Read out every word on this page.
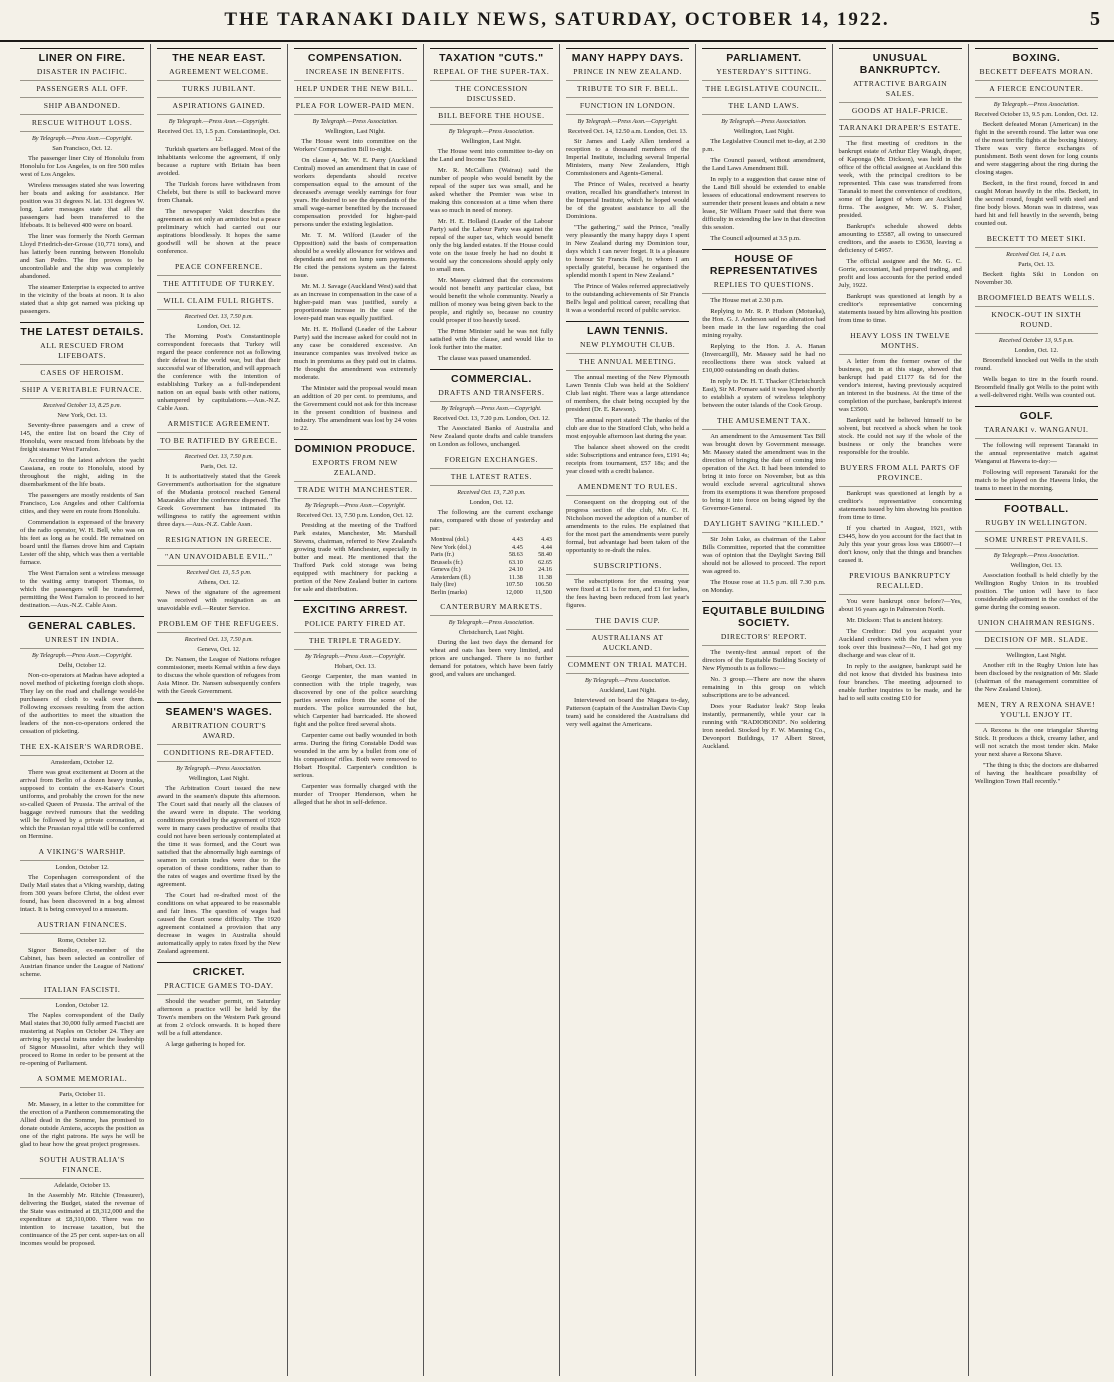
THE TARANAKI DAILY NEWS, SATURDAY, OCTOBER 14, 1922.	5
LINER ON FIRE.
DISASTER IN PACIFIC.
PASSENGERS ALL OFF.
SHIP ABANDONED.
RESCUE WITHOUT LOSS.
By Telegraph.—Press Assn.—Copyright.
San Francisco, Oct. 12.

The passenger liner City of Honolulu from Honolulu for Los Angeles, is on fire 500 miles west of Los Angeles.

Wireless messages stated she was lowering her boats and asking for assistance. Her position was 31 degrees N. lat. 131 degrees W. long. Later messages state that all the passengers had been transferred to the lifeboats. It is believed 400 were on board.

The liner was formerly the North German Lloyd Friedrich-der-Grosse (10,771 tons), and has latterly been running between Honolulu and San Pedro. The fire proves to be uncontrollable and the ship was completely abandoned.

The steamer Enterprise is expected to arrive in the vicinity of the boats at noon. It is also stated that a ship got named was picking up passengers.

THE LATEST DETAILS.
ALL RESCUED FROM LIFEBOATS.
CASES OF HEROISM.
SHIP A VERITABLE FURNACE.
Received October 13, 8.25 p.m.
New York, Oct. 13.

Seventy-three passengers and a crew of 145, the entire list on board the City of Honolulu, were rescued from lifeboats by the freight steamer West Farralon.

According to the latest advices the yacht Cassiana, en route to Honolulu, stood by throughout the night, aiding in the disembarkment of the life boats.

The passengers are mostly residents of San Francisco, Los Angeles and other California cities, and they were en route from Honolulu.

Commendation is expressed of the bravery of the radio operator, W. H. Bell, who was on his feet as long as he could. He remained on board until the flames drove him and Captain Lester off the ship, which was then a veritable furnace.

The West Farralon sent a wireless message to the waiting army transport Thomas, to which the passengers will be transferred, permitting the West Farralon to proceed to her destination.—Aus.-N.Z. Cable Assn.

GENERAL CABLES.
UNREST IN INDIA.
By Telegraph.—Press Assn.—Copyright.
Delhi, October 12.

Non-co-operators at Madras have adopted a novel method of picketing foreign cloth shops. They lay on the road and challenge would-be purchasers of cloth to walk over them. Following excesses resulting from the action of the authorities to meet the situation the leaders of the non-co-operators ordered the cessation of picketing.

THE EX-KAISER'S WARDROBE.
Amsterdam, October 12.

There was great excitement at Doorn at the arrival from Berlin of a dozen heavy trunks, supposed to contain the ex-Kaiser's Court uniforms, and probably the crown for the new so-called Queen of Prussia. The arrival of the baggage revived rumours that the wedding will be followed by a private coronation, at which the Prussian royal title will be conferred on Hermine.

A VIKING'S WARSHIP.
London, October 12.

The Copenhagen correspondent of the Daily Mail states that a Viking warship, dating from 300 years before Christ, the oldest ever found, has been discovered in a bog almost intact. It is being conveyed to a museum.

AUSTRIAN FINANCES.
Rome, October 12.

Signor Benedice, ex-member of the Cabinet, has been selected as controller of Austrian finance under the League of Nations' scheme.

ITALIAN FASCISTI.
London, October 12.

The Naples correspondent of the Daily Mail states that 30,000 fully armed Fascisti are mustering at Naples on October 24. They are arriving by special trains under the leadership of Signor Mussolini, after which they will proceed to Rome in order to be present at the re-opening of Parliament.

A SOMME MEMORIAL.
Paris, October 11.

Mr. Massey, in a letter to the committee for the erection of a Pantheon commemorating the Allied dead in the Somme, has promised to donate outside Amiens, accepts the position as one of the right patrons. He says he will be glad to hear how the great project progresses.

SOUTH AUSTRALIA'S FINANCE.
Adelaide, October 13.

In the Assembly Mr. Ritchie (Treasurer), delivering the Budget, stated the revenue of the State was estimated at £8,312,000 and the expenditure at £8,310,000. There was no intention to increase taxation, but the continuance of the 25 per cent. super-tax on all incomes would be proposed.

THE NEAR EAST.
AGREEMENT WELCOME.
TURKS JUBILANT.
ASPIRATIONS GAINED.
By Telegraph.—Press Assn.—Copyright.
Received Oct. 13, 1.5 p.m. Constantinople, Oct. 12.

Turkish quarters are beflagged. Most of the inhabitants welcome the agreement, if only because a rupture with Britain has been avoided.

The Turkish forces have withdrawn from Chelebi, but there is still to backward move from Chanak.

The newspaper Vakit describes the agreement as not only an armistice but a peace preliminary which had carried out our aspirations bloodlessly. It hopes the same goodwill will be shown at the peace conference.

PEACE CONFERENCE.
THE ATTITUDE OF TURKEY.
WILL CLAIM FULL RIGHTS.
Received Oct. 13, 7.50 p.m.
London, Oct. 12.

The Morning Post's Constantinople correspondent forecasts that Turkey will regard the peace conference not as following their defeat in the world war, but that their successful war of liberation, and will approach the conference with the intention of establishing Turkey as a full-independent nation on an equal basis with other nations, unhampered by capitulations.—Aus.-N.Z. Cable Assn.

ARMISTICE AGREEMENT.
TO BE RATIFIED BY GREECE.
Received Oct. 13, 7.50 p.m.
Paris, Oct. 12.

It is authoritatively stated that the Greek Government's authorisation for the signature of the Mudania protocol reached General Mazarakis after the conference dispersed. The Greek Government has intimated its willingness to ratify the agreement within three days.—Aus.-N.Z. Cable Assn.

RESIGNATION IN GREECE.
"AN UNAVOIDABLE EVIL."
Received Oct. 13, 5.5 p.m.
Athens, Oct. 12.

News of the signature of the agreement was received with resignation as an unavoidable evil.—Reuter Service.

PROBLEM OF THE REFUGEES.
Received Oct. 13, 7.50 p.m.
Geneva, Oct. 12.

Dr. Nansen, the League of Nations refugee commissioner, meets Kemal within a few days to discuss the whole question of refugees from Asia Minor. Dr. Nansen subsequently confers with the Greek Government.

SEAMEN'S WAGES.
ARBITRATION COURT'S AWARD.
CONDITIONS RE-DRAFTED.
By Telegraph.—Press Association.
Wellington, Last Night.

The Arbitration Court issued the new award in the seamen's dispute this afternoon. The Court said that nearly all the clauses of the award were in dispute. The working conditions provided by the agreement of 1920 were in many cases productive of results that could not have been seriously contemplated at the time it was formed, and the Court was satisfied that the abnormally high earnings of seamen in certain trades were due to the operation of these conditions, rather than to the rates of wages and overtime fixed by the agreement.

The Court had re-drafted most of the conditions on what appeared to be reasonable and fair lines. The question of wages had caused the Court some difficulty. The 1920 agreement contained a provision that any decrease in wages in Australia should automatically apply to rates fixed by the New Zealand agreement.

CRICKET.
PRACTICE GAMES TO-DAY.

Should the weather permit, on Saturday afternoon a practice will be held by the Town's members on the Western Park ground at from 2 o'clock onwards. It is hoped there will be a full attendance.

A large gathering is hoped for.

COMPENSATION.
INCREASE IN BENEFITS.
HELP UNDER THE NEW BILL.
PLEA FOR LOWER-PAID MEN.
By Telegraph.—Press Association.
Wellington, Last Night.

The House went into committee on the Workers' Compensation Bill to-night.

On clause 4, Mr. W. E. Parry (Auckland Central) moved an amendment that in case of workers dependants should receive compensation equal to the amount of the deceased's average weekly earnings for four years. He desired to see the dependants of the small wage-earner benefited by the increased compensation provided for higher-paid persons under the existing legislation.

Mr. T. M. Wilford (Leader of the Opposition) said the basis of compensation should be a weekly allowance for widows and dependants and not on lump sum payments. He cited the pensions system as the fairest issue.

Mr. M. J. Savage (Auckland West) said that as an increase in compensation in the case of a higher-paid man was justified, surely a proportionate increase in the case of the lower-paid man was equally justified.

Mr. H. E. Holland (Leader of the Labour Party) said the increase asked for could not in any case be considered excessive. An insurance companies was involved twice as much in premiums as they paid out in claims. He thought the amendment was extremely moderate.

The Minister said the proposal would mean an addition of 20 per cent. to premiums, and the Government could not ask for this increase in the present condition of business and industry. The amendment was lost by 24 votes to 22.

DOMINION PRODUCE.
EXPORTS FROM NEW ZEALAND.
TRADE WITH MANCHESTER.
By Telegraph.—Press Assn.—Copyright.
Received Oct. 13, 7.50 p.m. London, Oct. 12.

Presiding at the meeting of the Trafford Park estates, Manchester, Mr. Marshall Stevens, chairman, referred to New Zealand's growing trade with Manchester, especially in butter and meat. He mentioned that the Trafford Park cold storage was being equipped with machinery for packing a portion of the New Zealand butter in cartons for sale and distribution.

EXCITING ARREST.
POLICE PARTY FIRED AT.
THE TRIPLE TRAGEDY.
By Telegraph.—Press Assn.—Copyright.
Hobart, Oct. 13.

George Carpenter, the man wanted in connection with the triple tragedy, was discovered by one of the police searching parties seven miles from the scene of the murders. The police surrounded the hut, which Carpenter had barricaded. He showed fight and the police fired several shots.

Carpenter came out badly wounded in both arms. During the firing Constable Dodd was wounded in the arm by a bullet from one of his companions' rifles. Both were removed to Hobart Hospital. Carpenter's condition is serious.

Carpenter was formally charged with the murder of Trooper Henderson, when he alleged that he shot in self-defence.

TAXATION "CUTS."
REPEAL OF THE SUPER-TAX.
THE CONCESSION DISCUSSED.
BILL BEFORE THE HOUSE.
By Telegraph.—Press Association.
Wellington, Last Night.

The House went into committee to-day on the Land and Income Tax Bill.

Mr. R. McCallum (Wairau) said the number of people who would benefit by the repeal of the super tax was small, and he asked whether the Premier was wise in making this concession at a time when there was so much in need of money.

Mr. H. E. Holland (Leader of the Labour Party) said the Labour Party was against the repeal of the super tax, which would benefit only the big landed estates. If the House could vote on the issue freely he had no doubt it would say the concessions should apply only to small men.

Mr. Massey claimed that the concessions would not benefit any particular class, but would benefit the whole community. Nearly a million of money was being given back to the people, and rightly so, because no country could prosper if too heavily taxed.

The Prime Minister said he was not fully satisfied with the clause, and would like to look further into the matter.

The clause was passed unamended.

COMMERCIAL.
DRAFTS AND TRANSFERS.
By Telegraph.—Press Assn.—Copyright.
Received Oct. 13, 7.20 p.m. London, Oct. 12.

The Associated Banks of Australia and New Zealand quote drafts and cable transfers on London as follows, unchanged.

FOREIGN EXCHANGES.
THE LATEST RATES.
Received Oct. 13, 7.20 p.m.
London, Oct. 12.

The following are the current exchange rates, compared with those of yesterday and par:

Montreal (dol.)	4.43	4.43
New York (dol.)	4.45	4.44
Paris (fr.)	58.63	58.40
Brussels (fr.)	63.10	62.65
Geneva (fr.)	24.10	24.16
Amsterdam (fl.)	11.38	11.38
Italy (lire)	107.50	106.50
Berlin (marks)	12,000	11,500
CANTERBURY MARKETS.
By Telegraph.—Press Association.
Christchurch, Last Night.

During the last two days the demand for wheat and oats has been very limited, and prices are unchanged. There is no further demand for potatoes, which have been fairly good, and values are unchanged.

MANY HAPPY DAYS.
PRINCE IN NEW ZEALAND.
TRIBUTE TO SIR F. BELL.
FUNCTION IN LONDON.
By Telegraph.—Press Assn.—Copyright.
Received Oct. 14, 12.50 a.m. London, Oct. 13.

Sir James and Lady Allen tendered a reception to a thousand members of the Imperial Institute, including several Imperial Ministers, many New Zealanders, High Commissioners and Agents-General.

The Prince of Wales, received a hearty ovation, recalled his grandfather's interest in the Imperial Institute, which he hoped would be of the greatest assistance to all the Dominions.

"The gathering," said the Prince, "really very pleasantly the many happy days I spent in New Zealand during my Dominion tour, days which I can never forget. It is a pleasure to honour Sir Francis Bell, to whom I am specially grateful, because he organised the splendid month I spent in New Zealand."

The Prince of Wales referred appreciatively to the outstanding achievements of Sir Francis Bell's legal and political career, recalling that it was a wonderful record of public service.

LAWN TENNIS.
NEW PLYMOUTH CLUB.
THE ANNUAL MEETING.

The annual meeting of the New Plymouth Lawn Tennis Club was held at the Soldiers' Club last night. There was a large attendance of members, the chair being occupied by the president (Dr. E. Rawson).

The annual report stated: The thanks of the club are due to the Stratford Club, who held a most enjoyable afternoon last during the year.

The balance sheet showed on the credit side: Subscriptions and entrance fees, £191 4s; receipts from tournament, £57 18s; and the year closed with a credit balance.

AMENDMENT TO RULES.

Consequent on the dropping out of the progress section of the club, Mr. C. H. Nicholson moved the adoption of a number of amendments to the rules. He explained that for the most part the amendments were purely formal, but advantage had been taken of the opportunity to re-draft the rules.

SUBSCRIPTIONS.

The subscriptions for the ensuing year were fixed at £1 1s for men, and £1 for ladies, the fees having been reduced from last year's figures.

THE DAVIS CUP.
AUSTRALIANS AT AUCKLAND.
COMMENT ON TRIAL MATCH.
By Telegraph.—Press Association.
Auckland, Last Night.

Interviewed on board the Niagara to-day, Patterson (captain of the Australian Davis Cup team) said he considered the Australians did very well against the Americans.

PARLIAMENT.
YESTERDAY'S SITTING.
THE LEGISLATIVE COUNCIL.
THE LAND LAWS.
By Telegraph.—Press Association.
Wellington, Last Night.

The Legislative Council met to-day, at 2.30 p.m.

The Council passed, without amendment, the Land Laws Amendment Bill.

In reply to a suggestion that cause nine of the Land Bill should be extended to enable lessees of educational endowment reserves to surrender their present leases and obtain a new lease, Sir William Fraser said that there was difficulty in extending the law in that direction this session.

The Council adjourned at 3.5 p.m.

HOUSE OF REPRESENTATIVES
REPLIES TO QUESTIONS.

The House met at 2.30 p.m.

Replying to Mr. R. P. Hudson (Motueka), the Hon. G. J. Anderson said no alteration had been made in the law regarding the coal mining royalty.

Replying to the Hon. J. A. Hanan (Invercargill), Mr. Massey said he had no recollections there was stock valued at £10,000 outstanding on death duties.

In reply to Dr. H. T. Thacker (Christchurch East), Sir M. Pomare said it was hoped shortly to establish a system of wireless telephony between the outer islands of the Cook Group.

THE AMUSEMENT TAX.

An amendment to the Amusement Tax Bill was brought down by Government message. Mr. Massey stated the amendment was in the direction of bringing the date of coming into operation of the Act. It had been intended to bring it into force on November, but as this would exclude several agricultural shows from its exemptions it was therefore proposed to bring it into force on being signed by the Governor-General.

DAYLIGHT SAVING "KILLED."

Sir John Luke, as chairman of the Labor Bills Committee, reported that the committee was of opinion that the Daylight Saving Bill should not be allowed to proceed. The report was agreed to.

The House rose at 11.5 p.m. till 7.30 p.m. on Monday.

EQUITABLE BUILDING SOCIETY.
DIRECTORS' REPORT.

The twenty-first annual report of the directors of the Equitable Building Society of New Plymouth is as follows:—

No. 3 group.—There are now the shares remaining in this group on which subscriptions are to be advanced.

Does your Radiator leak? Stop leaks instantly, permanently, while your car is running with "RADIOBOND". No soldering iron needed. Stocked by F. W. Manning Co., Devonport Buildings, 17 Albert Street, Auckland.

UNUSUAL BANKRUPTCY.
ATTRACTIVE BARGAIN SALES.
GOODS AT HALF-PRICE.
TARANAKI DRAPER'S ESTATE.

The first meeting of creditors in the bankrupt estate of Arthur Eley Waugh, draper, of Kaponga (Mr. Dickson), was held in the office of the official assignee at Auckland this week, with the principal creditors to be represented. This case was transferred from Taranaki to meet the convenience of creditors, some of the largest of whom are Auckland firms. The assignee, Mr. W. S. Fisher, presided.

Bankrupt's schedule showed debts amounting to £5587, all owing to unsecured creditors, and the assets to £3630, leaving a deficiency of £4957.

The official assignee and the Mr. G. C. Gorrie, accountant, had prepared trading, and profit and loss accounts for the period ended July, 1922.

Bankrupt was questioned at length by a creditor's representative concerning statements issued by him allowing his position from time to time.

HEAVY LOSS IN TWELVE MONTHS.

A letter from the former owner of the business, put in at this stage, showed that bankrupt had paid £1177 6s 6d for the vendor's interest, having previously acquired an interest in the business. At the time of the completion of the purchase, bankrupt's interest was £3500.

Bankrupt said he believed himself to be solvent, but received a shock when he took stock. He could not say if the whole of the business or only the branches were responsible for the trouble.

BUYERS FROM ALL PARTS OF PROVINCE.

Bankrupt was questioned at length by a creditor's representative concerning statements issued by him showing his position from time to time.

If you charted in August, 1921, with £3445, how do you account for the fact that in July this year your gross loss was £8600?—I don't know, only that the things and branches caused it.

PREVIOUS BANKRUPTCY RECALLED.

You were bankrupt once before?—Yes, about 16 years ago in Palmerston North.

Mr. Dickson: That is ancient history.

The Creditor: Did you acquaint your Auckland creditors with the fact when you took over this business?—No, I had got my discharge and was clear of it.

In reply to the assignee, bankrupt said he did not know that divided his business into four branches. The meeting adjourned to enable further inquiries to be made, and he had to sell suits costing £10 for

BOXING.
BECKETT DEFEATS MORAN.
A FIERCE ENCOUNTER.
By Telegraph.—Press Association.
Received October 13, 9.5 p.m. London, Oct. 12.

Beckett defeated Moran (American) in the fight in the seventh round. The latter was one of the most terrific fights at the boxing history. There was very fierce exchanges of punishment. Both went down for long counts and were staggering about the ring during the closing stages.

Beckett, in the first round, forced in and caught Moran heavily in the ribs. Beckett, in the second round, fought well with steel and fine body blows. Moran was in distress, was hard hit and fell heavily in the seventh, being counted out.

BECKETT TO MEET SIKI.
Received Oct. 14, 1 a.m.
Paris, Oct. 13.

Beckett fights Siki in London on November 30.

BROOMFIELD BEATS WELLS.
KNOCK-OUT IN SIXTH ROUND.
Received October 13, 9.5 p.m.
London, Oct. 12.

Broomfield knocked out Wells in the sixth round.

Wells began to tire in the fourth round. Broomfield finally got Wells to the point with a well-delivered right. Wells was counted out.

GOLF.
TARANAKI v. WANGANUI.

The following will represent Taranaki in the annual representative match against Wanganui at Hawera to-day:—

Following will represent Taranaki for the match to be played on the Hawera links, the teams to meet in the morning.

FOOTBALL.
RUGBY IN WELLINGTON.
SOME UNREST PREVAILS.
By Telegraph.—Press Association.
Wellington, Oct. 13.

Association football is held chiefly by the Wellington Rugby Union in its troubled position. The union will have to face considerable adjustment in the conduct of the game during the coming season.

UNION CHAIRMAN RESIGNS.
DECISION OF MR. SLADE.
Wellington, Last Night.

Another rift in the Rugby Union lute has been disclosed by the resignation of Mr. Slade (chairman of the management committee of the New Zealand Union).

MEN, TRY A REXONA SHAVE! YOU'LL ENJOY IT.

A Rexona is the one triangular Shaving Stick. It produces a thick, creamy lather, and will not scratch the most tender skin. Make your next shave a Rexona Shave.

"The thing is this; the doctors are disbarred of having the healthcare possibility of Wellington Town Hall recently."
